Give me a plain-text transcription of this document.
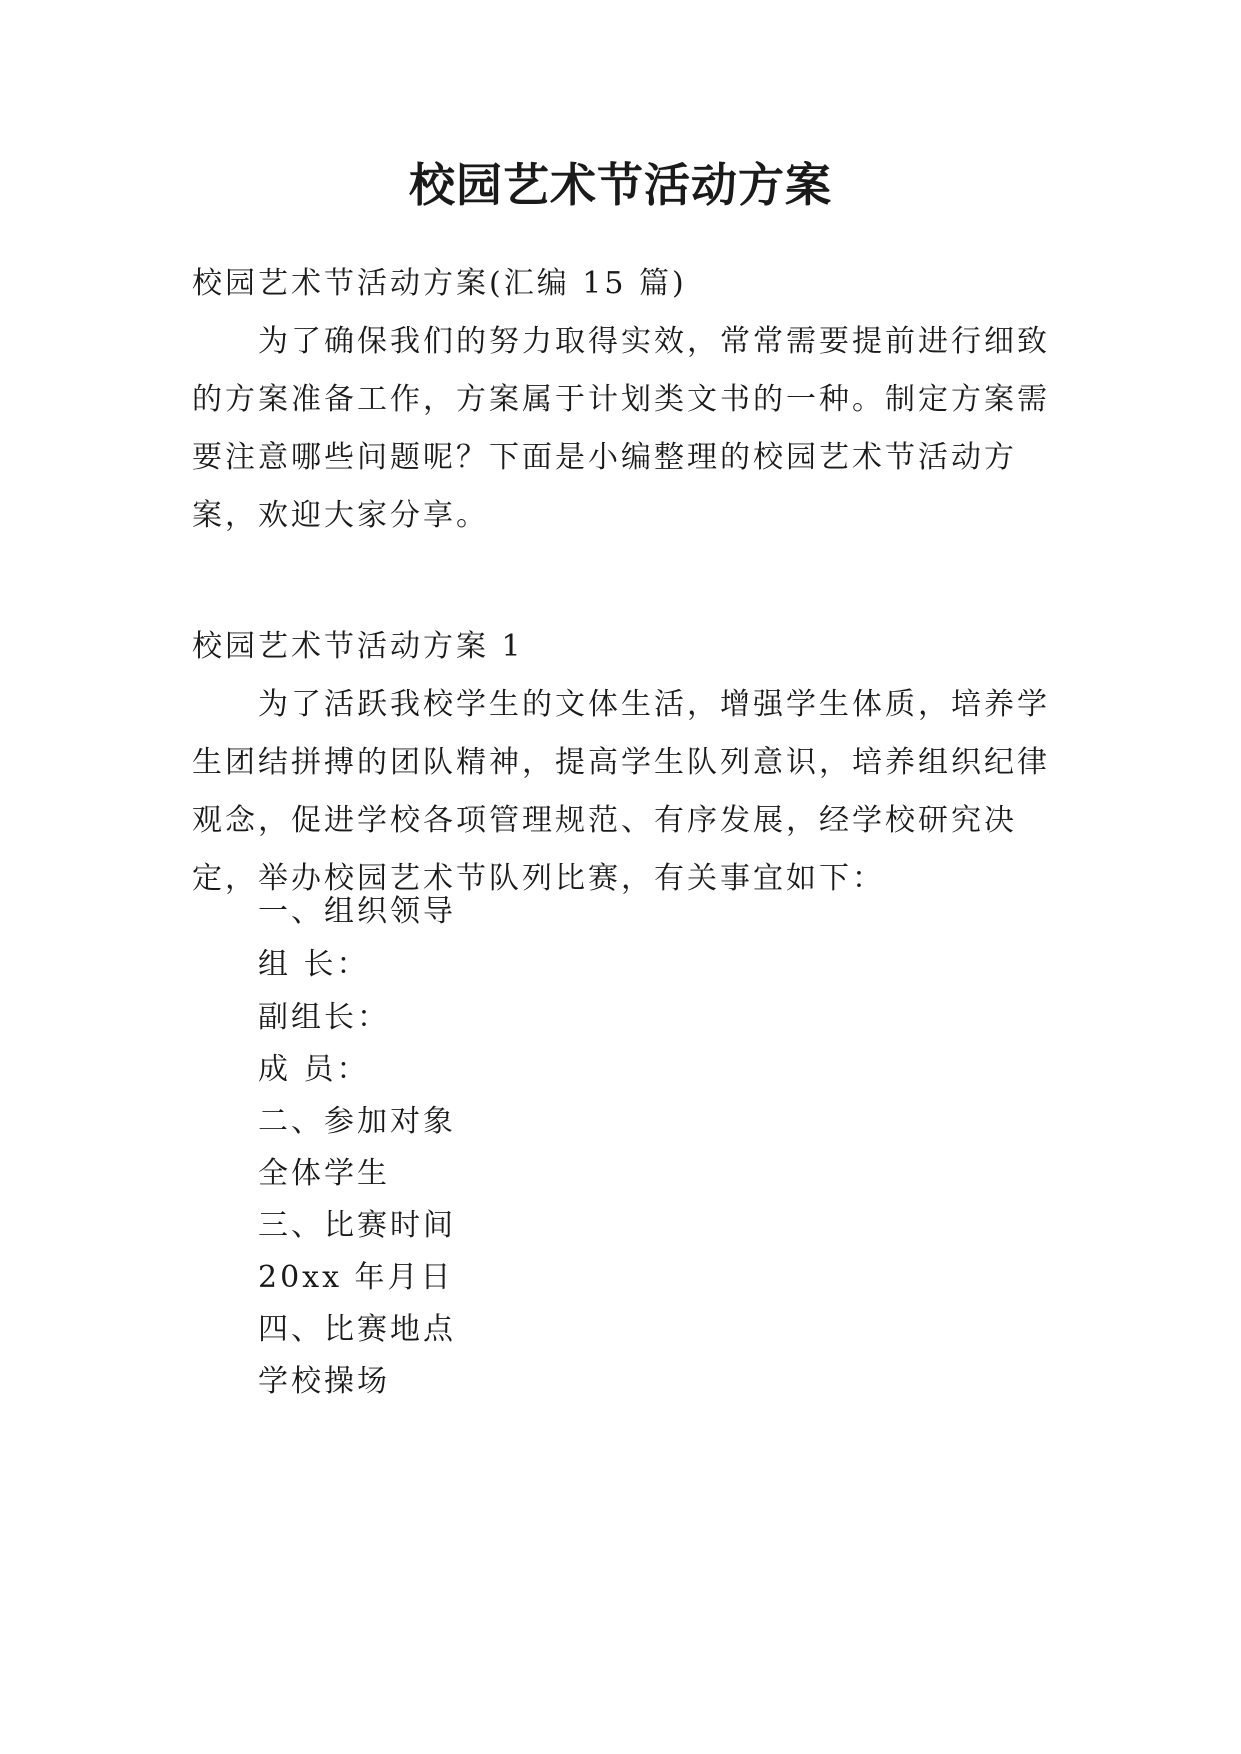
校园艺术节活动方案

校园艺术节活动方案(汇编 15 篇)

为了确保我们的努力取得实效，常常需要提前进行细致的方案准备工作，方案属于计划类文书的一种。制定方案需要注意哪些问题呢？下面是小编整理的校园艺术节活动方案，欢迎大家分享。

校园艺术节活动方案 1

为了活跃我校学生的文体生活，增强学生体质，培养学生团结拼搏的团队精神，提高学生队列意识，培养组织纪律观念，促进学校各项管理规范、有序发展，经学校研究决定，举办校园艺术节队列比赛，有关事宜如下：

一、组织领导

组 长：

副组长：

成 员：

二、参加对象

全体学生

三、比赛时间

20xx 年月日

四、比赛地点

学校操场
